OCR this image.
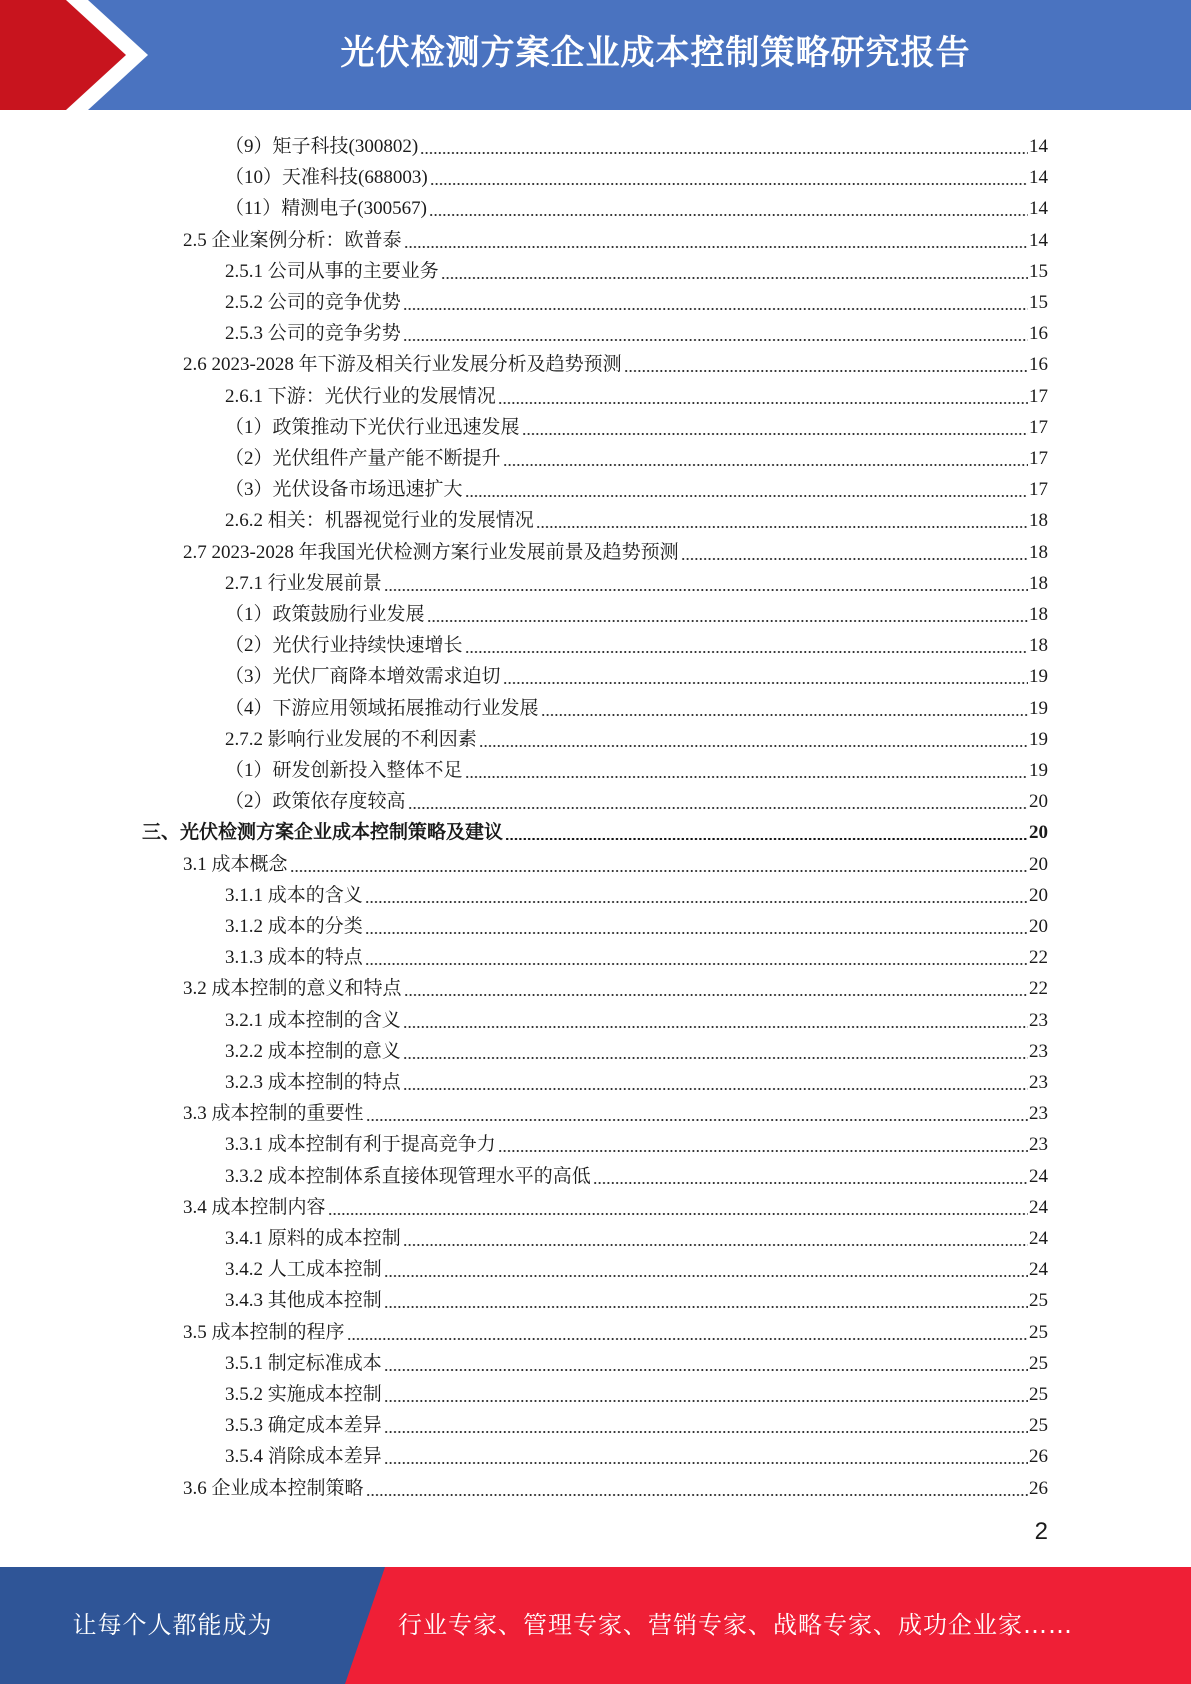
光伏检测方案企业成本控制策略研究报告
（9）矩子科技(300802)	14
（10）天准科技(688003)	14
（11）精测电子(300567)	14
2.5 企业案例分析：欧普泰	14
2.5.1 公司从事的主要业务	15
2.5.2 公司的竞争优势	15
2.5.3 公司的竞争劣势	16
2.6 2023-2028 年下游及相关行业发展分析及趋势预测	16
2.6.1 下游：光伏行业的发展情况	17
（1）政策推动下光伏行业迅速发展	17
（2）光伏组件产量产能不断提升	17
（3）光伏设备市场迅速扩大	17
2.6.2 相关：机器视觉行业的发展情况	18
2.7 2023-2028 年我国光伏检测方案行业发展前景及趋势预测	18
2.7.1 行业发展前景	18
（1）政策鼓励行业发展	18
（2）光伏行业持续快速增长	18
（3）光伏厂商降本增效需求迫切	19
（4）下游应用领域拓展推动行业发展	19
2.7.2 影响行业发展的不利因素	19
（1）研发创新投入整体不足	19
（2）政策依存度较高	20
三、光伏检测方案企业成本控制策略及建议	20
3.1 成本概念	20
3.1.1 成本的含义	20
3.1.2 成本的分类	20
3.1.3 成本的特点	22
3.2 成本控制的意义和特点	22
3.2.1 成本控制的含义	23
3.2.2 成本控制的意义	23
3.2.3 成本控制的特点	23
3.3 成本控制的重要性	23
3.3.1 成本控制有利于提高竞争力	23
3.3.2 成本控制体系直接体现管理水平的高低	24
3.4 成本控制内容	24
3.4.1 原料的成本控制	24
3.4.2 人工成本控制	24
3.4.3 其他成本控制	25
3.5 成本控制的程序	25
3.5.1 制定标准成本	25
3.5.2 实施成本控制	25
3.5.3 确定成本差异	25
3.5.4 消除成本差异	26
3.6 企业成本控制策略	26
2
让每个人都能成为	行业专家、管理专家、营销专家、战略专家、成功企业家……
